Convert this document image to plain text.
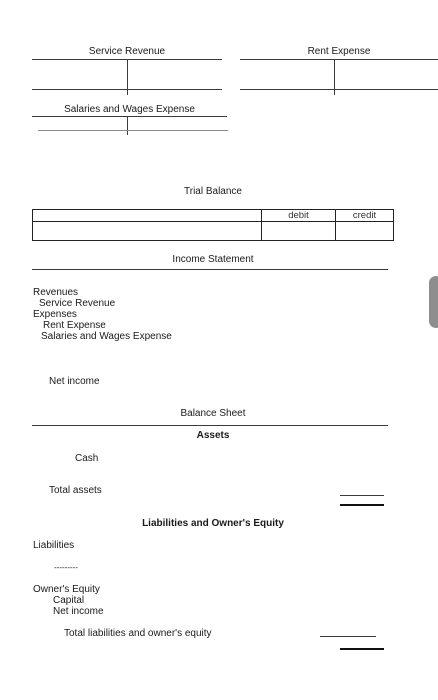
Service Revenue	Rent Expense
Salaries and Wages Expense
Trial Balance
debit	credit
Income Statement
Revenues
Service Revenue
Expenses
Rent Expense
Salaries and Wages Expense
Net income
Balance Sheet
Assets
Cash
Total assets
Liabilities and Owner's Equity
Liabilities
---------
Owner's Equity
Capital
Net income
Total liabilities and owner's equity
